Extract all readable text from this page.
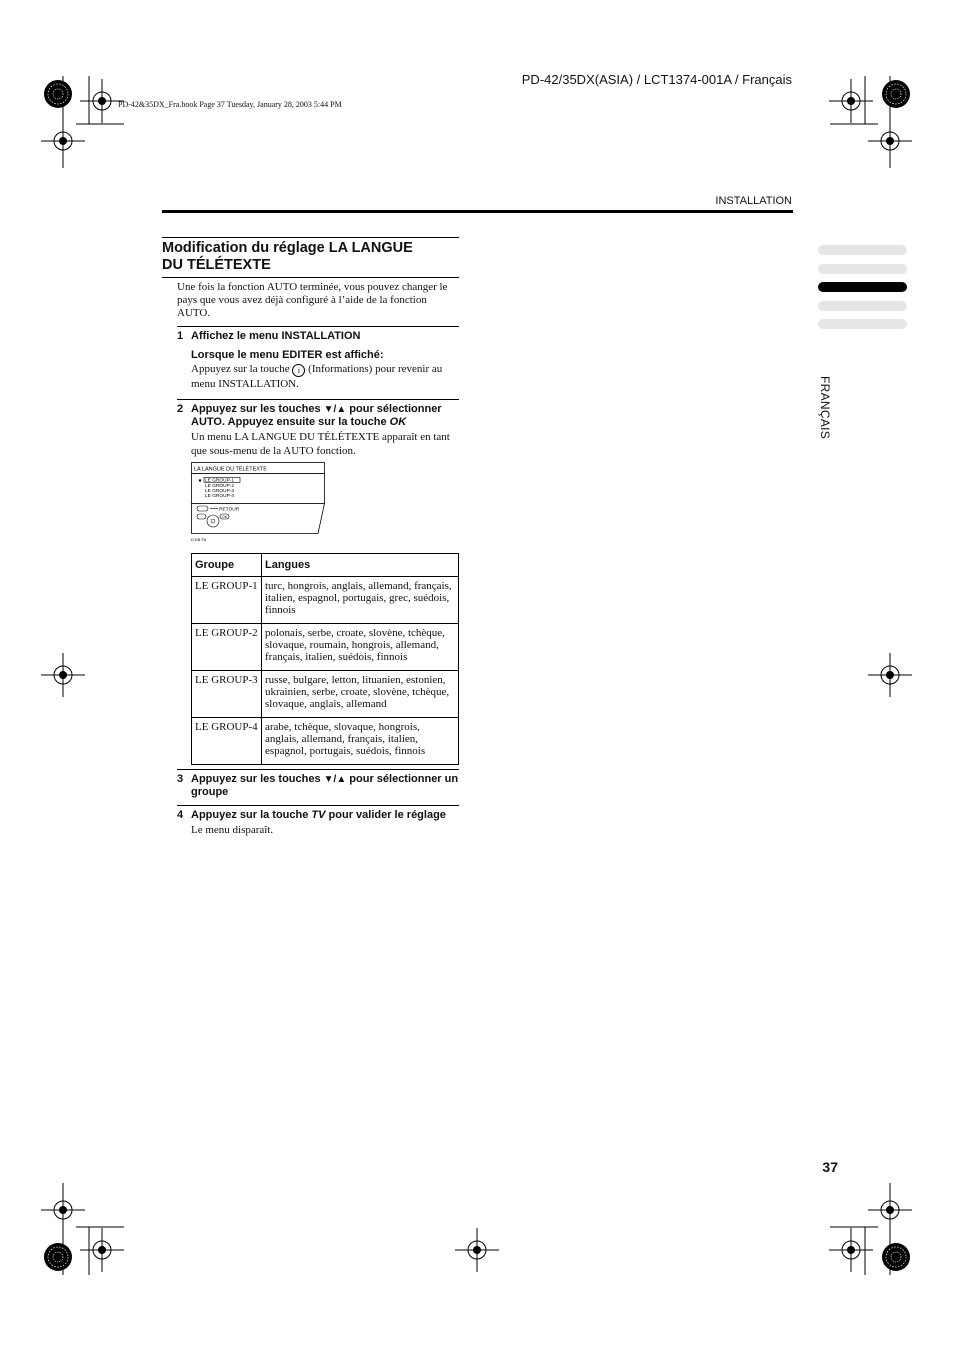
PD-42/35DX(ASIA) / LCT1374-001A / Français
PD-42&35DX_Fra.book Page 37 Tuesday, January 28, 2003 5:44 PM
INSTALLATION
Modification du réglage LA LANGUE
DU TÉLÉTEXTE
Une fois la fonction AUTO terminée, vous pouvez changer le pays que vous avez déjà configuré à l’aide de la fonction AUTO.
1 Affichez le menu INSTALLATION
Lorsque le menu EDITER est affiché:
Appuyez sur la touche i (Informations) pour revenir au menu INSTALLATION.
2 Appuyez sur les touches ▼/▲ pour sélectionner AUTO. Appuyez ensuite sur la touche OK
Un menu LA LANGUE DU TÉLÉTEXTE apparaît en tant que sous-menu de la AUTO fonction.
LA LANGUE DU TÉLÉTEXTE
LE GROUP-1
LE GROUP-2
LE GROUP-3
LE GROUP-4
RETOUR
OK
D EB FA
Groupe	Langues
LE GROUP-1	turc, hongrois, anglais, allemand, français, italien, espagnol, portugais, grec, suédois, finnois
LE GROUP-2	polonais, serbe, croate, slovène, tchèque, slovaque, roumain, hongrois, allemand, français, italien, suédois, finnois
LE GROUP-3	russe, bulgare, letton, lituanien, estonien, ukrainien, serbe, croate, slovène, tchèque, slovaque, anglais, allemand
LE GROUP-4	arabe, tchèque, slovaque, hongrois, anglais, allemand, français, italien, espagnol, portugais, suédois, finnois
3 Appuyez sur les touches ▼/▲ pour sélectionner un groupe
4 Appuyez sur la touche TV pour valider le réglage
Le menu disparaît.
FRANÇAIS
37
